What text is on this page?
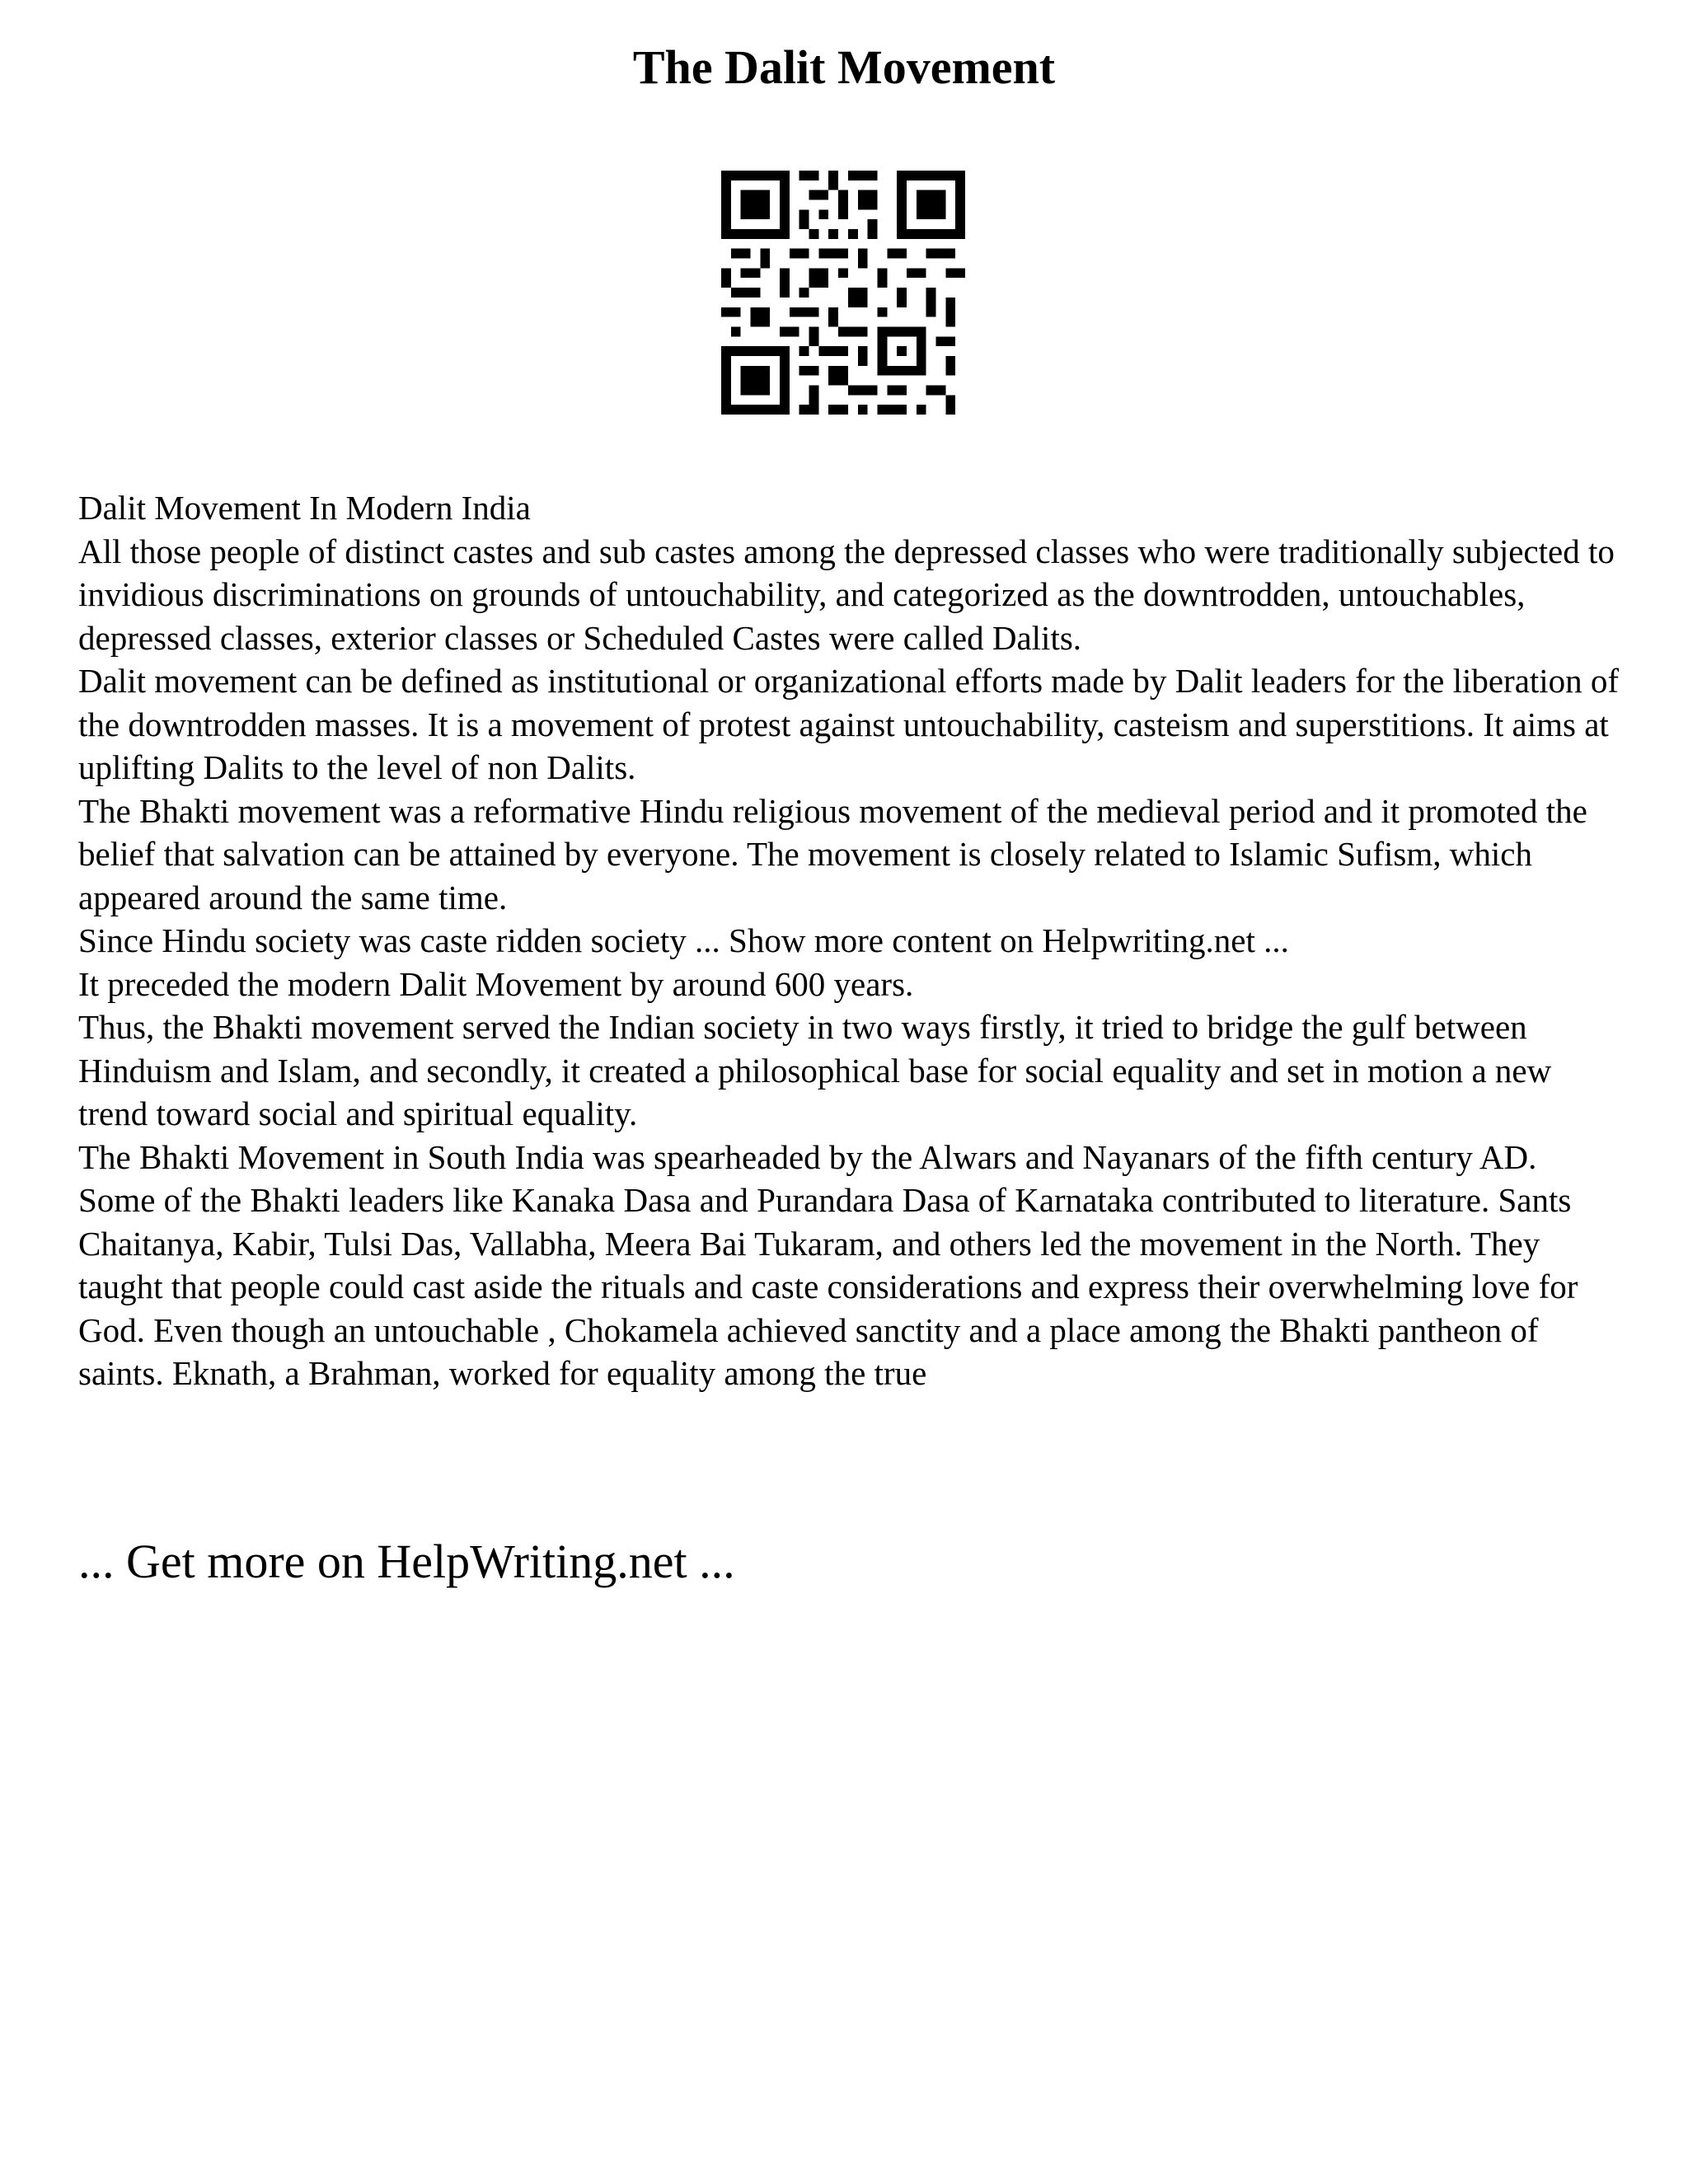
The Dalit Movement

Dalit Movement In Modern India

All those people of distinct castes and sub castes among the depressed classes who were traditionally subjected to invidious discriminations on grounds of untouchability, and categorized as the downtrodden, untouchables, depressed classes, exterior classes or Scheduled Castes were called Dalits.

Dalit movement can be defined as institutional or organizational efforts made by Dalit leaders for the liberation of the downtrodden masses. It is a movement of protest against untouchability, casteism and superstitions. It aims at uplifting Dalits to the level of non Dalits.

The Bhakti movement was a reformative Hindu religious movement of the medieval period and it promoted the belief that salvation can be attained by everyone. The movement is closely related to Islamic Sufism, which appeared around the same time.

Since Hindu society was caste ridden society ... Show more content on Helpwriting.net ...

It preceded the modern Dalit Movement by around 600 years.

Thus, the Bhakti movement served the Indian society in two ways firstly, it tried to bridge the gulf between Hinduism and Islam, and secondly, it created a philosophical base for social equality and set in motion a new trend toward social and spiritual equality.

The Bhakti Movement in South India was spearheaded by the Alwars and Nayanars of the fifth century AD. Some of the Bhakti leaders like Kanaka Dasa and Purandara Dasa of Karnataka contributed to literature. Sants Chaitanya, Kabir, Tulsi Das, Vallabha, Meera Bai Tukaram, and others led the movement in the North. They taught that people could cast aside the rituals and caste considerations and express their overwhelming love for God. Even though an untouchable , Chokamela achieved sanctity and a place among the Bhakti pantheon of saints. Eknath, a Brahman, worked for equality among the true

... Get more on HelpWriting.net ...
